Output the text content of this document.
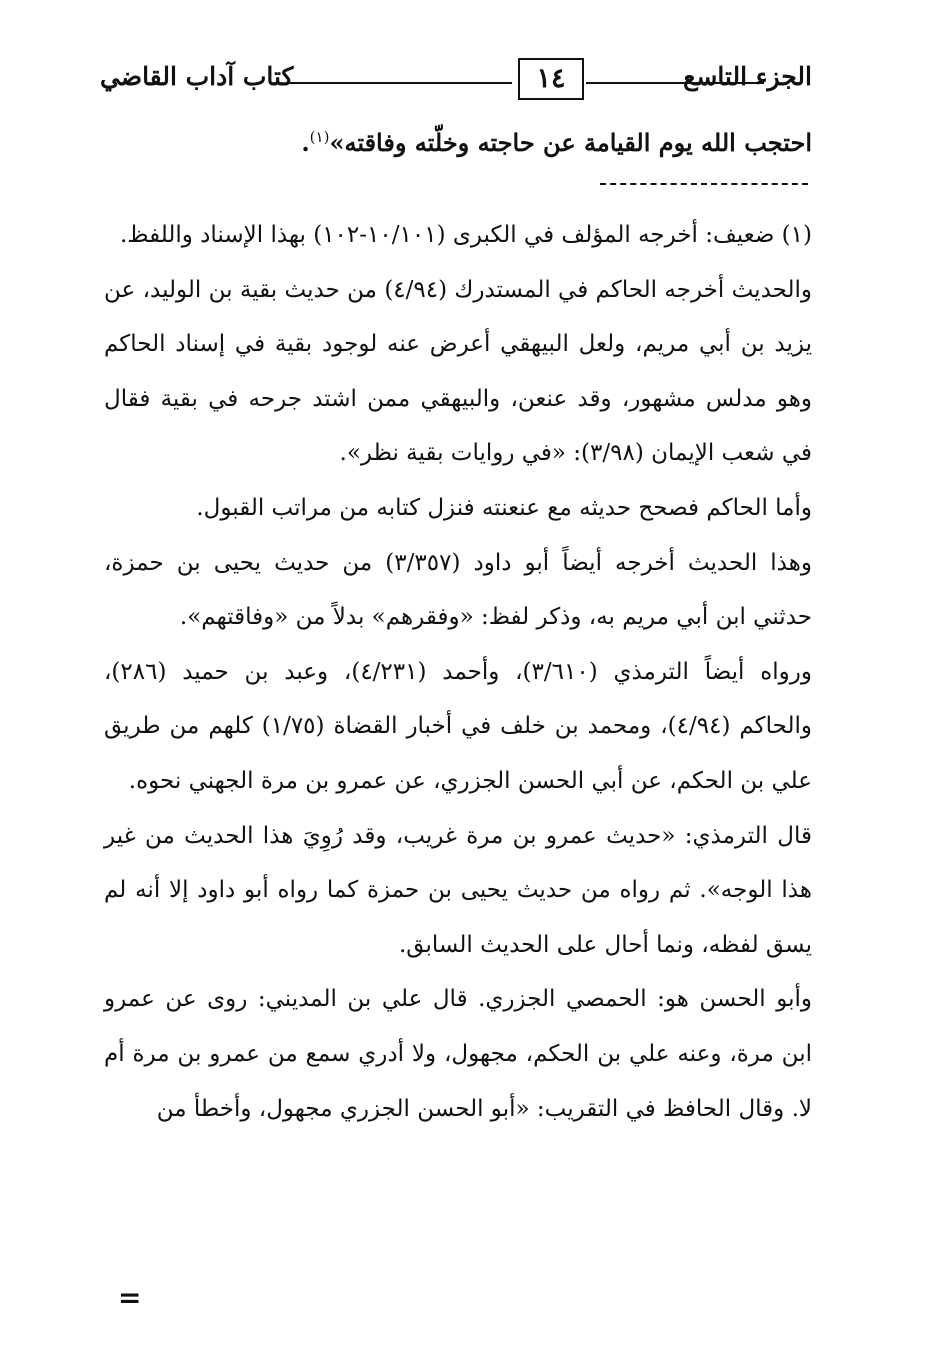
كتاب آداب القاضي	١٤	الجزء التاسع
احتجب الله يوم القيامة عن حاجته وخلّته وفاقته»$^{(١)}$.

(١) ضعيف: أخرجه المؤلف في الكبرى (١٠/١٠١-١٠٢) بهذا الإسناد واللفظ.

والحديث أخرجه الحاكم في المستدرك (٤/٩٤) من حديث بقية بن الوليد، عن يزيد بن أبي مريم، ولعل البيهقي أعرض عنه لوجود بقية في إسناد الحاكم وهو مدلس مشهور، وقد عنعن، والبيهقي ممن اشتد جرحه في بقية فقال في شعب الإيمان (٣/٩٨): «في روايات بقية نظر».

وأما الحاكم فصحح حديثه مع عنعنته فنزل كتابه من مراتب القبول.

وهذا الحديث أخرجه أيضاً أبو داود (٣/٣٥٧) من حديث يحيى بن حمزة، حدثني ابن أبي مريم به، وذكر لفظ: «وفقرهم» بدلاً من «وفاقتهم».

ورواه أيضاً الترمذي (٣/٦١٠)، وأحمد (٤/٢٣١)، وعبد بن حميد (٢٨٦)، والحاكم (٤/٩٤)، ومحمد بن خلف في أخبار القضاة (١/٧٥) كلهم من طريق علي بن الحكم، عن أبي الحسن الجزري، عن عمرو بن مرة الجهني نحوه.

قال الترمذي: «حديث عمرو بن مرة غريب، وقد رُوِيَ هذا الحديث من غير هذا الوجه». ثم رواه من حديث يحيى بن حمزة كما رواه أبو داود إلا أنه لم يسق لفظه، ونما أحال على الحديث السابق.

وأبو الحسن هو: الحمصي الجزري. قال علي بن المديني: روى عن عمرو ابن مرة، وعنه علي بن الحكم، مجهول، ولا أدري سمع من عمرو بن مرة أم لا. وقال الحافظ في التقريب: «أبو الحسن الجزري مجهول، وأخطأ من

=
